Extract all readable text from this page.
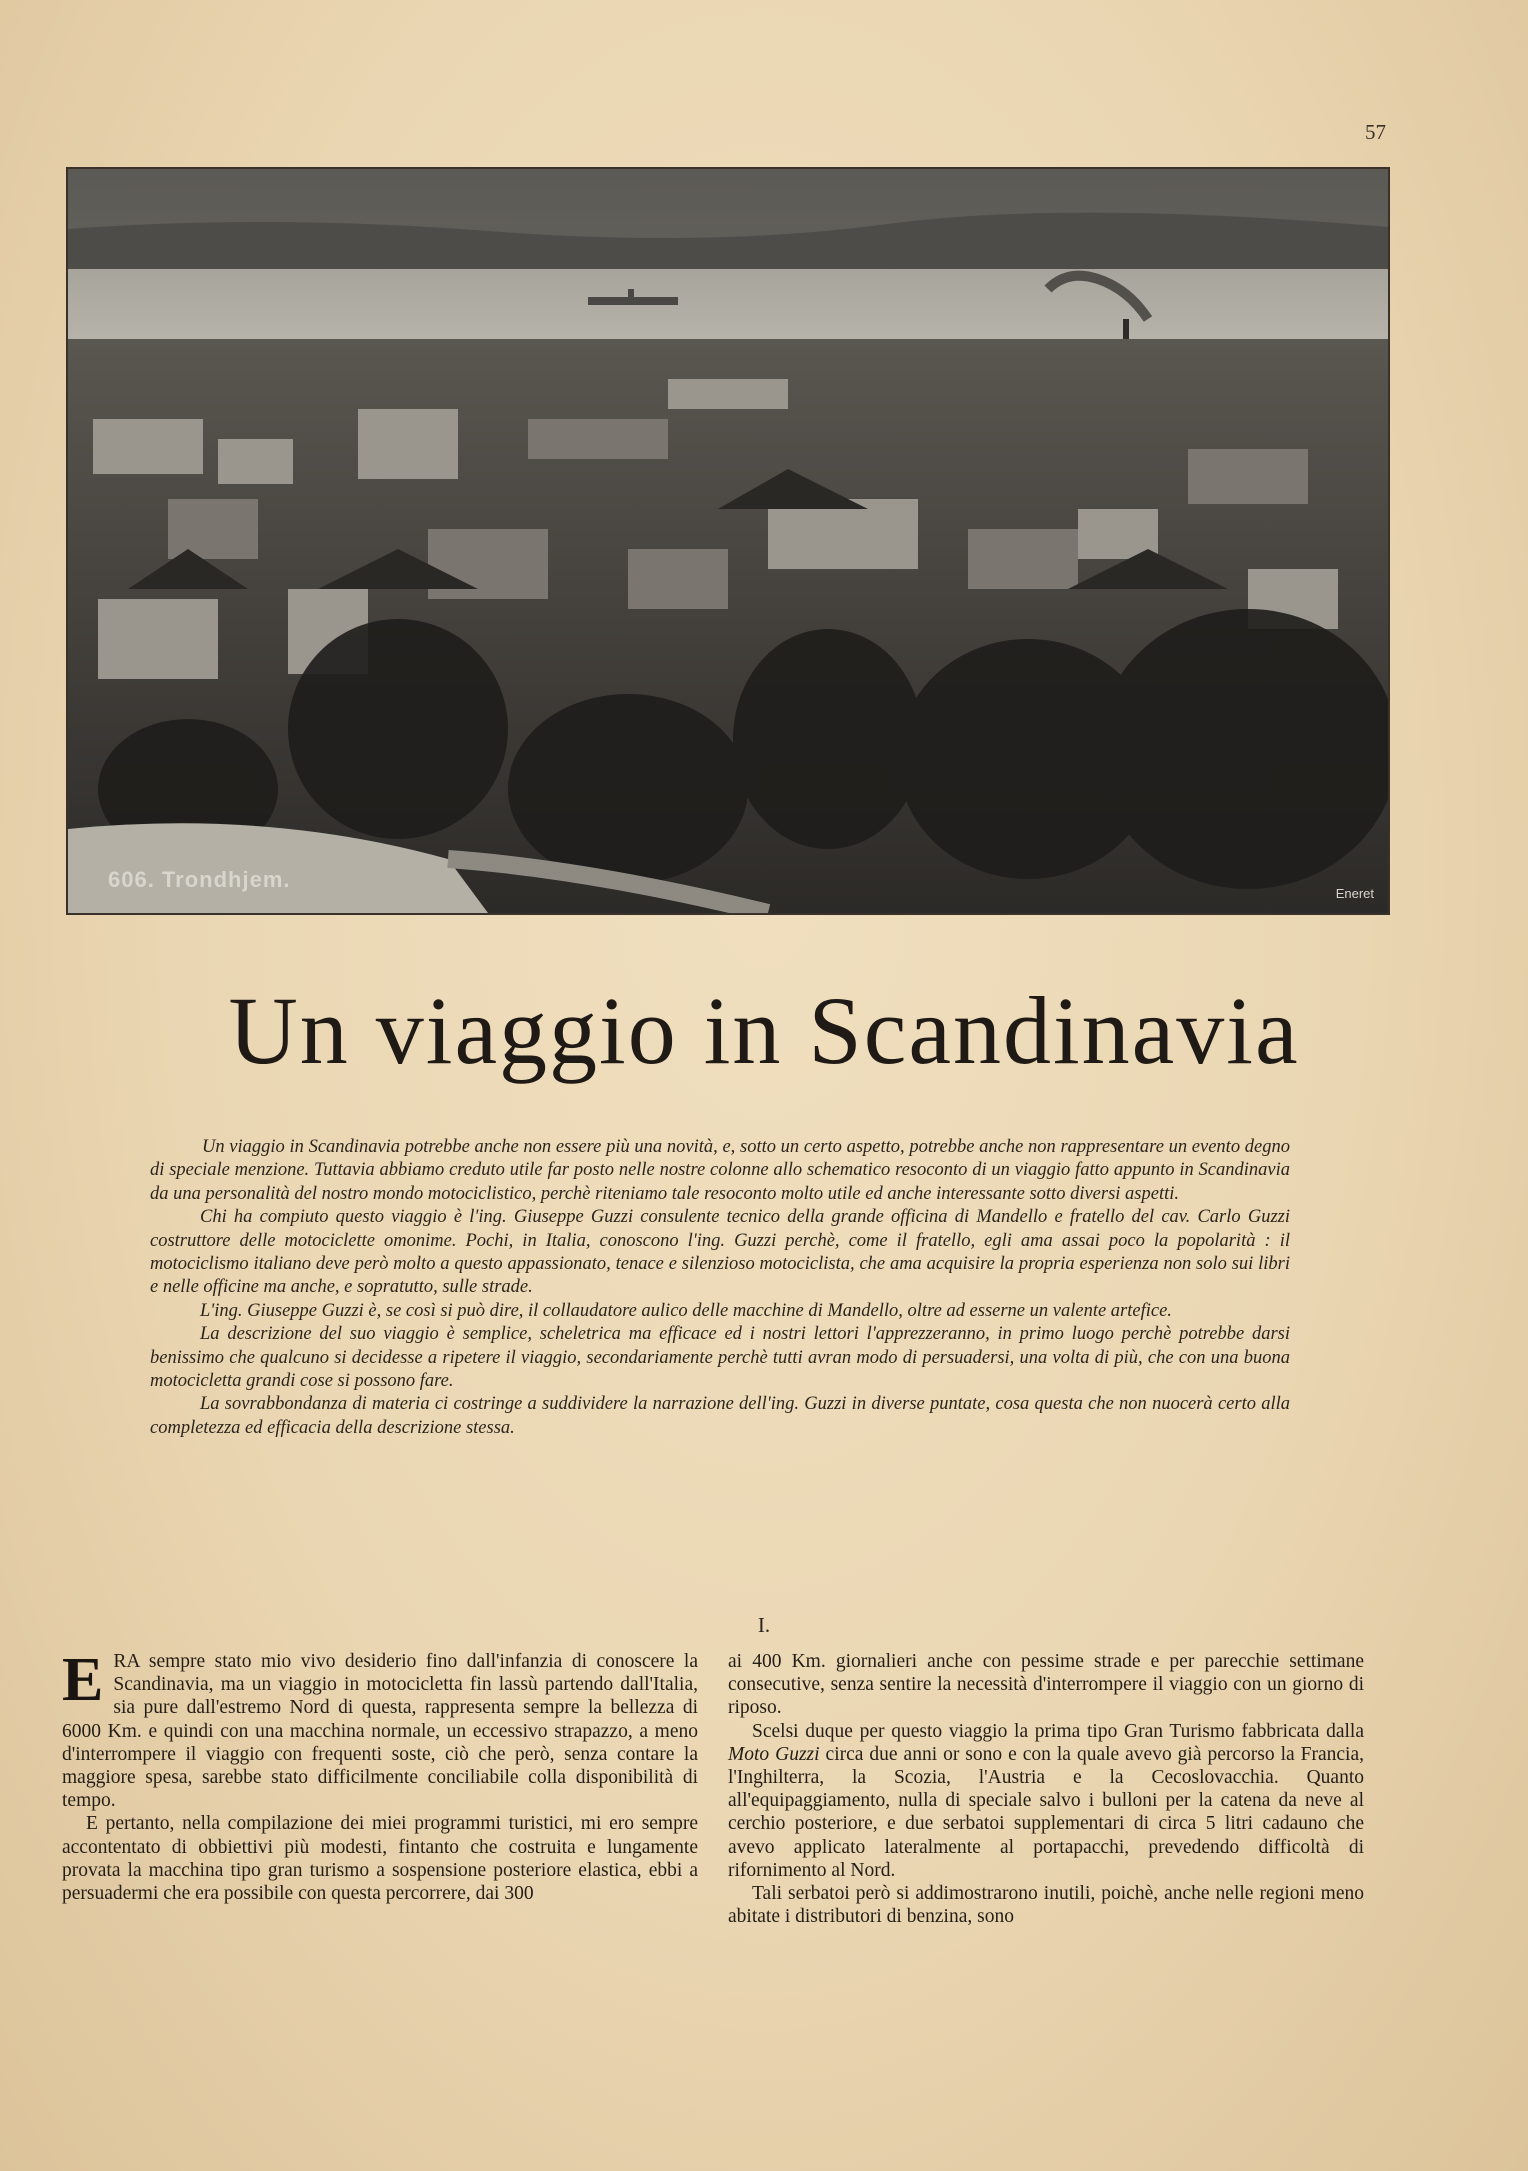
57
606. Trondhjem.
Eneret
Un viaggio in Scandinavia

Un viaggio in Scandinavia potrebbe anche non essere più una novità, e, sotto un certo aspetto, potrebbe anche non rappresentare un evento degno di speciale menzione. Tuttavia abbiamo creduto utile far posto nelle nostre colonne allo schematico resoconto di un viaggio fatto appunto in Scandinavia da una personalità del nostro mondo motociclistico, perchè riteniamo tale resoconto molto utile ed anche interessante sotto diversi aspetti.

Chi ha compiuto questo viaggio è l'ing. Giuseppe Guzzi consulente tecnico della grande officina di Mandello e fratello del cav. Carlo Guzzi costruttore delle motociclette omonime. Pochi, in Italia, conoscono l'ing. Guzzi perchè, come il fratello, egli ama assai poco la popolarità : il motociclismo italiano deve però molto a questo appassionato, tenace e silenzioso motociclista, che ama acquisire la propria esperienza non solo sui libri e nelle officine ma anche, e sopratutto, sulle strade.

L'ing. Giuseppe Guzzi è, se così si può dire, il collaudatore aulico delle macchine di Mandello, oltre ad esserne un valente artefice.

La descrizione del suo viaggio è semplice, scheletrica ma efficace ed i nostri lettori l'apprezzeranno, in primo luogo perchè potrebbe darsi benissimo che qualcuno si decidesse a ripetere il viaggio, secondariamente perchè tutti avran modo di persuadersi, una volta di più, che con una buona motocicletta grandi cose si possono fare.

La sovrabbondanza di materia ci costringe a suddividere la narrazione dell'ing. Guzzi in diverse puntate, cosa questa che non nuocerà certo alla completezza ed efficacia della descrizione stessa.

I.

ERA sempre stato mio vivo desiderio fino dall'infanzia di conoscere la Scandinavia, ma un viaggio in motocicletta fin lassù partendo dall'Italia, sia pure dall'estremo Nord di questa, rappresenta sempre la bellezza di 6000 Km. e quindi con una macchina normale, un eccessivo strapazzo, a meno d'interrompere il viaggio con frequenti soste, ciò che però, senza contare la maggiore spesa, sarebbe stato difficilmente conciliabile colla disponibilità di tempo.

E pertanto, nella compilazione dei miei programmi turistici, mi ero sempre accontentato di obbiettivi più modesti, fintanto che costruita e lungamente provata la macchina tipo gran turismo a sospensione posteriore elastica, ebbi a persuadermi che era possibile con questa percorrere, dai 300

ai 400 Km. giornalieri anche con pessime strade e per parecchie settimane consecutive, senza sentire la necessità d'interrompere il viaggio con un giorno di riposo.

Scelsi duque per questo viaggio la prima tipo Gran Turismo fabbricata dalla Moto Guzzi circa due anni or sono e con la quale avevo già percorso la Francia, l'Inghilterra, la Scozia, l'Austria e la Cecoslovacchia. Quanto all'equipaggiamento, nulla di speciale salvo i bulloni per la catena da neve al cerchio posteriore, e due serbatoi supplementari di circa 5 litri cadauno che avevo applicato lateralmente al portapacchi, prevedendo difficoltà di rifornimento al Nord.

Tali serbatoi però si addimostrarono inutili, poichè, anche nelle regioni meno abitate i distributori di benzina, sono
